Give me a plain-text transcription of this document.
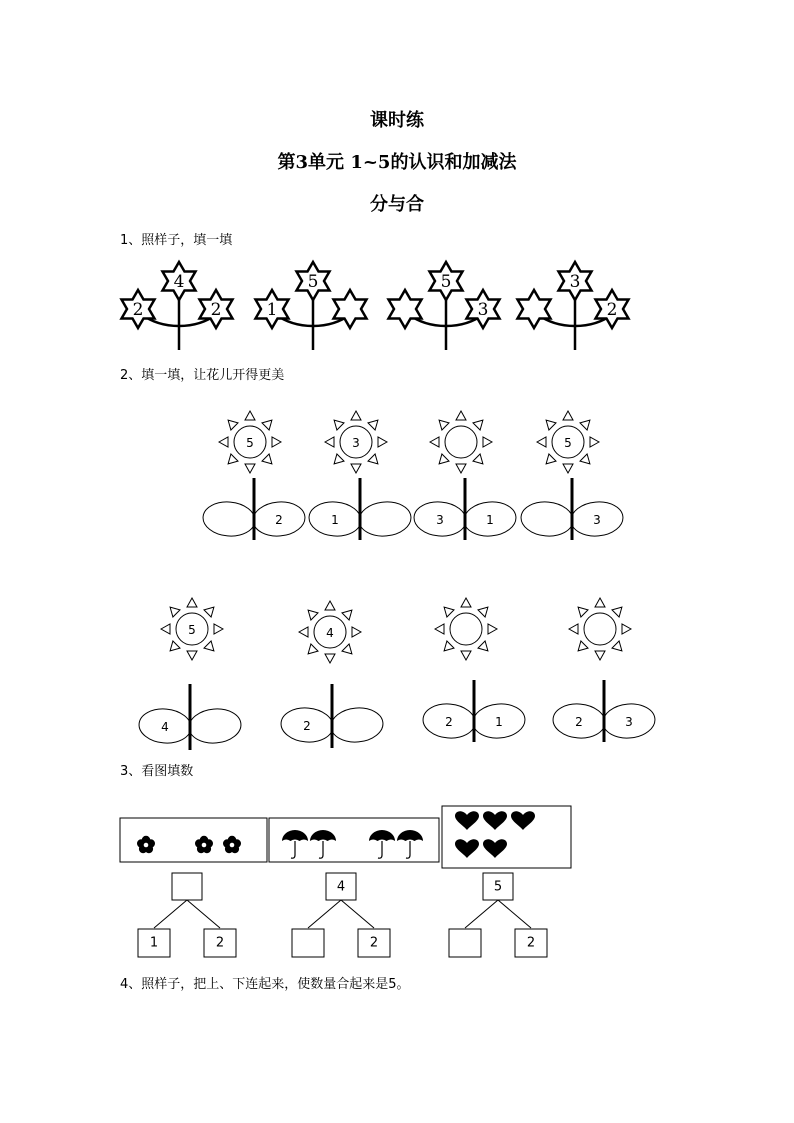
课时练
第3单元 1~5的认识和加减法
分与合
1、照样子，填一填
2、填一填，让花儿开得更美
3、看图填数
4、照样子，把上、下连起来，使数量合起来是5。
4
2	2
5
1
5
3
3
2
5
2
3
1	3	1
5
3
5
4
4
2	2	1	2	3
1	2
4
2
5
2
